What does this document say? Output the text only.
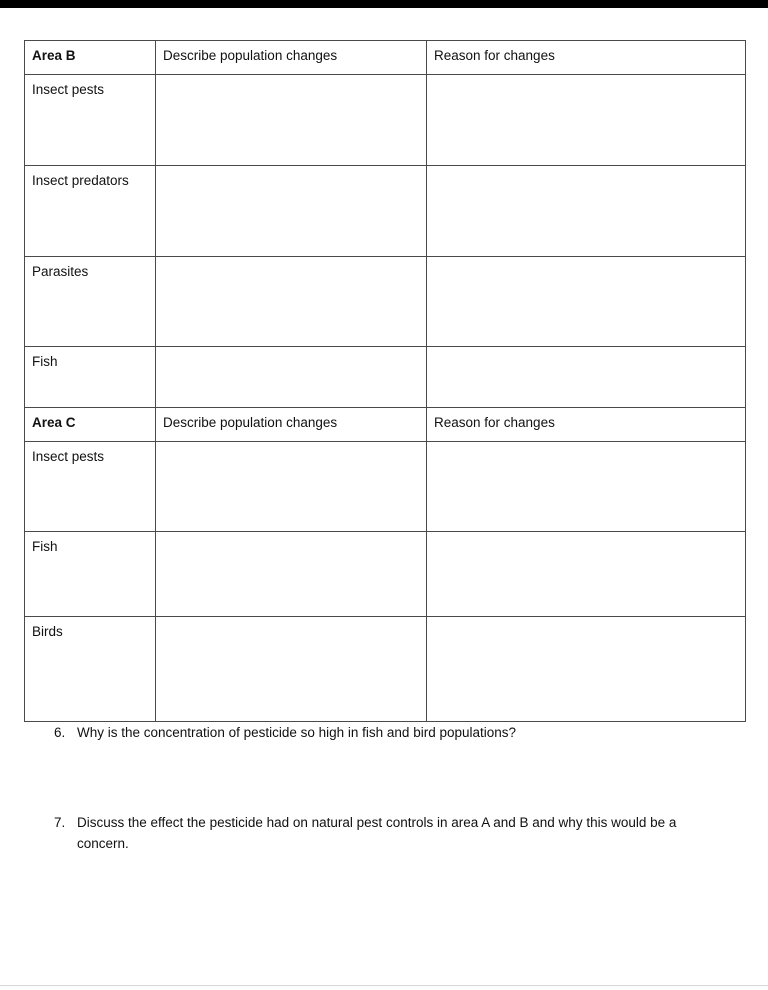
Area B	Describe population changes	Reason for changes
Insect pests		
Insect predators		
Parasites		
Fish		
Area C	Describe population changes	Reason for changes
Insect pests		
Fish		
Birds		
6. Why is the concentration of pesticide so high in fish and bird populations?
7. Discuss the effect the pesticide had on natural pest controls in area A and B and why this would be a
concern.
